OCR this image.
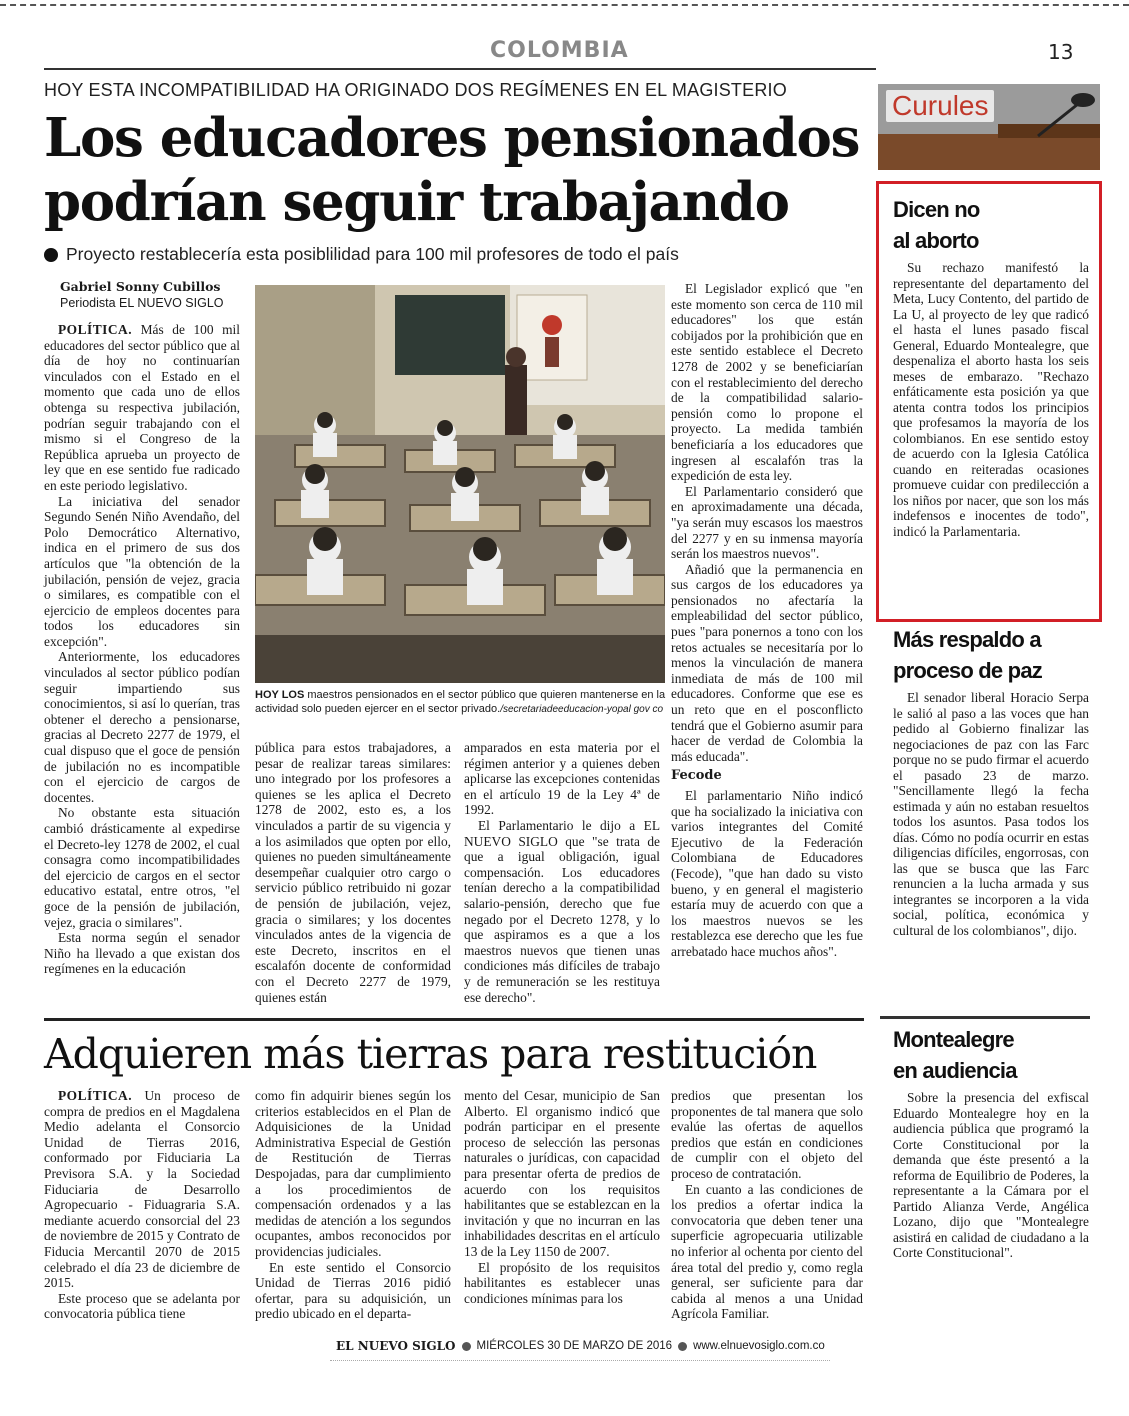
COLOMBIA	13
HOY ESTA INCOMPATIBILIDAD HA ORIGINADO DOS REGÍMENES EN EL MAGISTERIO
Los educadores pensionados
podrían seguir trabajando
Proyecto restablecería esta posiblilidad para 100 mil profesores de todo el país
Gabriel Sonny Cubillos
Periodista EL NUEVO SIGLO

POLÍTICA. Más de 100 mil educadores del sector público que al día de hoy no continuarían vinculados con el Estado en el momento que cada uno de ellos obtenga su respectiva jubilación, podrían seguir trabajando con el mismo si el Congreso de la República aprueba un proyecto de ley que en ese sentido fue radicado en este periodo legislativo.

La iniciativa del senador Segundo Senén Niño Avendaño, del Polo Democrático Alternativo, indica en el primero de sus dos artículos que "la obtención de la jubilación, pensión de vejez, gracia o similares, es compatible con el ejercicio de empleos docentes para todos los educadores sin excepción".

Anteriormente, los educadores vinculados al sector público podían seguir impartiendo sus conocimientos, si así lo querían, tras obtener el derecho a pensionarse, gracias al Decreto 2277 de 1979, el cual dispuso que el goce de pensión de jubilación no es incompatible con el ejercicio de cargos de docentes.

No obstante esta situación cambió drásticamente al expedirse el Decreto-ley 1278 de 2002, el cual consagra como incompatibilidades del ejercicio de cargos en el sector educativo estatal, entre otros, "el goce de la pensión de jubilación, vejez, gracia o similares".

Esta norma según el senador Niño ha llevado a que existan dos regímenes en la educación

HOY LOS maestros pensionados en el sector público que quieren mantenerse en la actividad solo pueden ejercer en el sector privado./secretariadeeducacion-yopal gov co

pública para estos trabajadores, a pesar de realizar tareas similares: uno integrado por los profesores a quienes se les aplica el Decreto 1278 de 2002, esto es, a los vinculados a partir de su vigencia y a los asimilados que opten por ello, quienes no pueden simultáneamente desempeñar cualquier otro cargo o servicio público retribuido ni gozar de pensión de jubilación, vejez, gracia o similares; y los docentes vinculados antes de la vigencia de este Decreto, inscritos en el escalafón docente de conformidad con el Decreto 2277 de 1979, quienes están

amparados en esta materia por el régimen anterior y a quienes deben aplicarse las excepciones contenidas en el artículo 19 de la Ley 4ª de 1992.

El Parlamentario le dijo a EL NUEVO SIGLO que "se trata de que a igual obligación, igual compensación. Los educadores tenían derecho a la compatibilidad salario-pensión, derecho que fue negado por el Decreto 1278, y lo que aspiramos es a que a los maestros nuevos que tienen unas condiciones más difíciles de trabajo y de remuneración se les restituya ese derecho".

El Legislador explicó que "en este momento son cerca de 110 mil educadores" los que están cobijados por la prohibición que en este sentido establece el Decreto 1278 de 2002 y se beneficiarían con el restablecimiento del derecho de la compatibilidad salario-pensión como lo propone el proyecto. La medida también beneficiaría a los educadores que ingresen al escalafón tras la expedición de esta ley.

El Parlamentario consideró que en aproximadamente una década, "ya serán muy escasos los maestros del 2277 y en su inmensa mayoría serán los maestros nuevos".

Añadió que la permanencia en sus cargos de los educadores ya pensionados no afectaría la empleabilidad del sector público, pues "para ponernos a tono con los retos actuales se necesitaría por lo menos la vinculación de manera inmediata de más de 100 mil educadores. Conforme que ese es un reto que en el posconflicto tendrá que el Gobierno asumir para hacer de verdad de Colombia la más educada".

Fecode

El parlamentario Niño indicó que ha socializado la iniciativa con varios integrantes del Comité Ejecutivo de la Federación Colombiana de Educadores (Fecode), "que han dado su visto bueno, y en general el magisterio estaría muy de acuerdo con que a los maestros nuevos se les restablezca ese derecho que les fue arrebatado hace muchos años".

Curules
Dicen no
al aborto

Su rechazo manifestó la representante del departamento del Meta, Lucy Contento, del partido de La U, al proyecto de ley que radicó el hasta el lunes pasado fiscal General, Eduardo Montealegre, que despenaliza el aborto hasta los seis meses de embarazo. "Rechazo enfáticamente esta posición ya que atenta contra todos los principios que profesamos la mayoría de los colombianos. En ese sentido estoy de acuerdo con la Iglesia Católica cuando en reiteradas ocasiones promueve cuidar con predilección a los niños por nacer, que son los más indefensos e inocentes de todo", indicó la Parlamentaria.

Más respaldo a
proceso de paz

El senador liberal Horacio Serpa le salió al paso a las voces que han pedido al Gobierno finalizar las negociaciones de paz con las Farc porque no se pudo firmar el acuerdo el pasado 23 de marzo. "Sencillamente llegó la fecha estimada y aún no estaban resueltos todos los asuntos. Pasa todos los días. Cómo no podía ocurrir en estas diligencias difíciles, engorrosas, con las que se busca que las Farc renuncien a la lucha armada y sus integrantes se incorporen a la vida social, política, económica y cultural de los colombianos", dijo.

Montealegre
en audiencia

Sobre la presencia del exfiscal Eduardo Montealegre hoy en la audiencia pública que programó la Corte Constitucional por la demanda que éste presentó a la reforma de Equilibrio de Poderes, la representante a la Cámara por el Partido Alianza Verde, Angélica Lozano, dijo que "Montealegre asistirá en calidad de ciudadano a la Corte Constitucional".

Adquieren más tierras para restitución

POLÍTICA. Un proceso de compra de predios en el Magdalena Medio adelanta el Consorcio Unidad de Tierras 2016, conformado por Fiduciaria La Previsora S.A. y la Sociedad Fiduciaria de Desarrollo Agropecuario - Fiduagraria S.A. mediante acuerdo consorcial del 23 de noviembre de 2015 y Contrato de Fiducia Mercantil 2070 de 2015 celebrado el día 23 de diciembre de 2015.

Este proceso que se adelanta por convocatoria pública tiene

como fin adquirir bienes según los criterios establecidos en el Plan de Adquisiciones de la Unidad Administrativa Especial de Gestión de Restitución de Tierras Despojadas, para dar cumplimiento a los procedimientos de compensación ordenados y a las medidas de atención a los segundos ocupantes, ambos reconocidos por providencias judiciales.

En este sentido el Consorcio Unidad de Tierras 2016 pidió ofertar, para su adquisición, un predio ubicado en el departa-

mento del Cesar, municipio de San Alberto. El organismo indicó que podrán participar en el presente proceso de selección las personas naturales o jurídicas, con capacidad para presentar oferta de predios de acuerdo con los requisitos habilitantes que se establezcan en la invitación y que no incurran en las inhabilidades descritas en el artículo 13 de la Ley 1150 de 2007.

El propósito de los requisitos habilitantes es establecer unas condiciones mínimas para los

predios que presentan los proponentes de tal manera que solo evalúe las ofertas de aquellos predios que están en condiciones de cumplir con el objeto del proceso de contratación.

En cuanto a las condiciones de los predios a ofertar indica la convocatoria que deben tener una superficie agropecuaria utilizable no inferior al ochenta por ciento del área total del predio y, como regla general, ser suficiente para dar cabida al menos a una Unidad Agrícola Familiar.

EL NUEVO SIGLO MIÉRCOLES 30 DE MARZO DE 2016 www.elnuevosiglo.com.co
